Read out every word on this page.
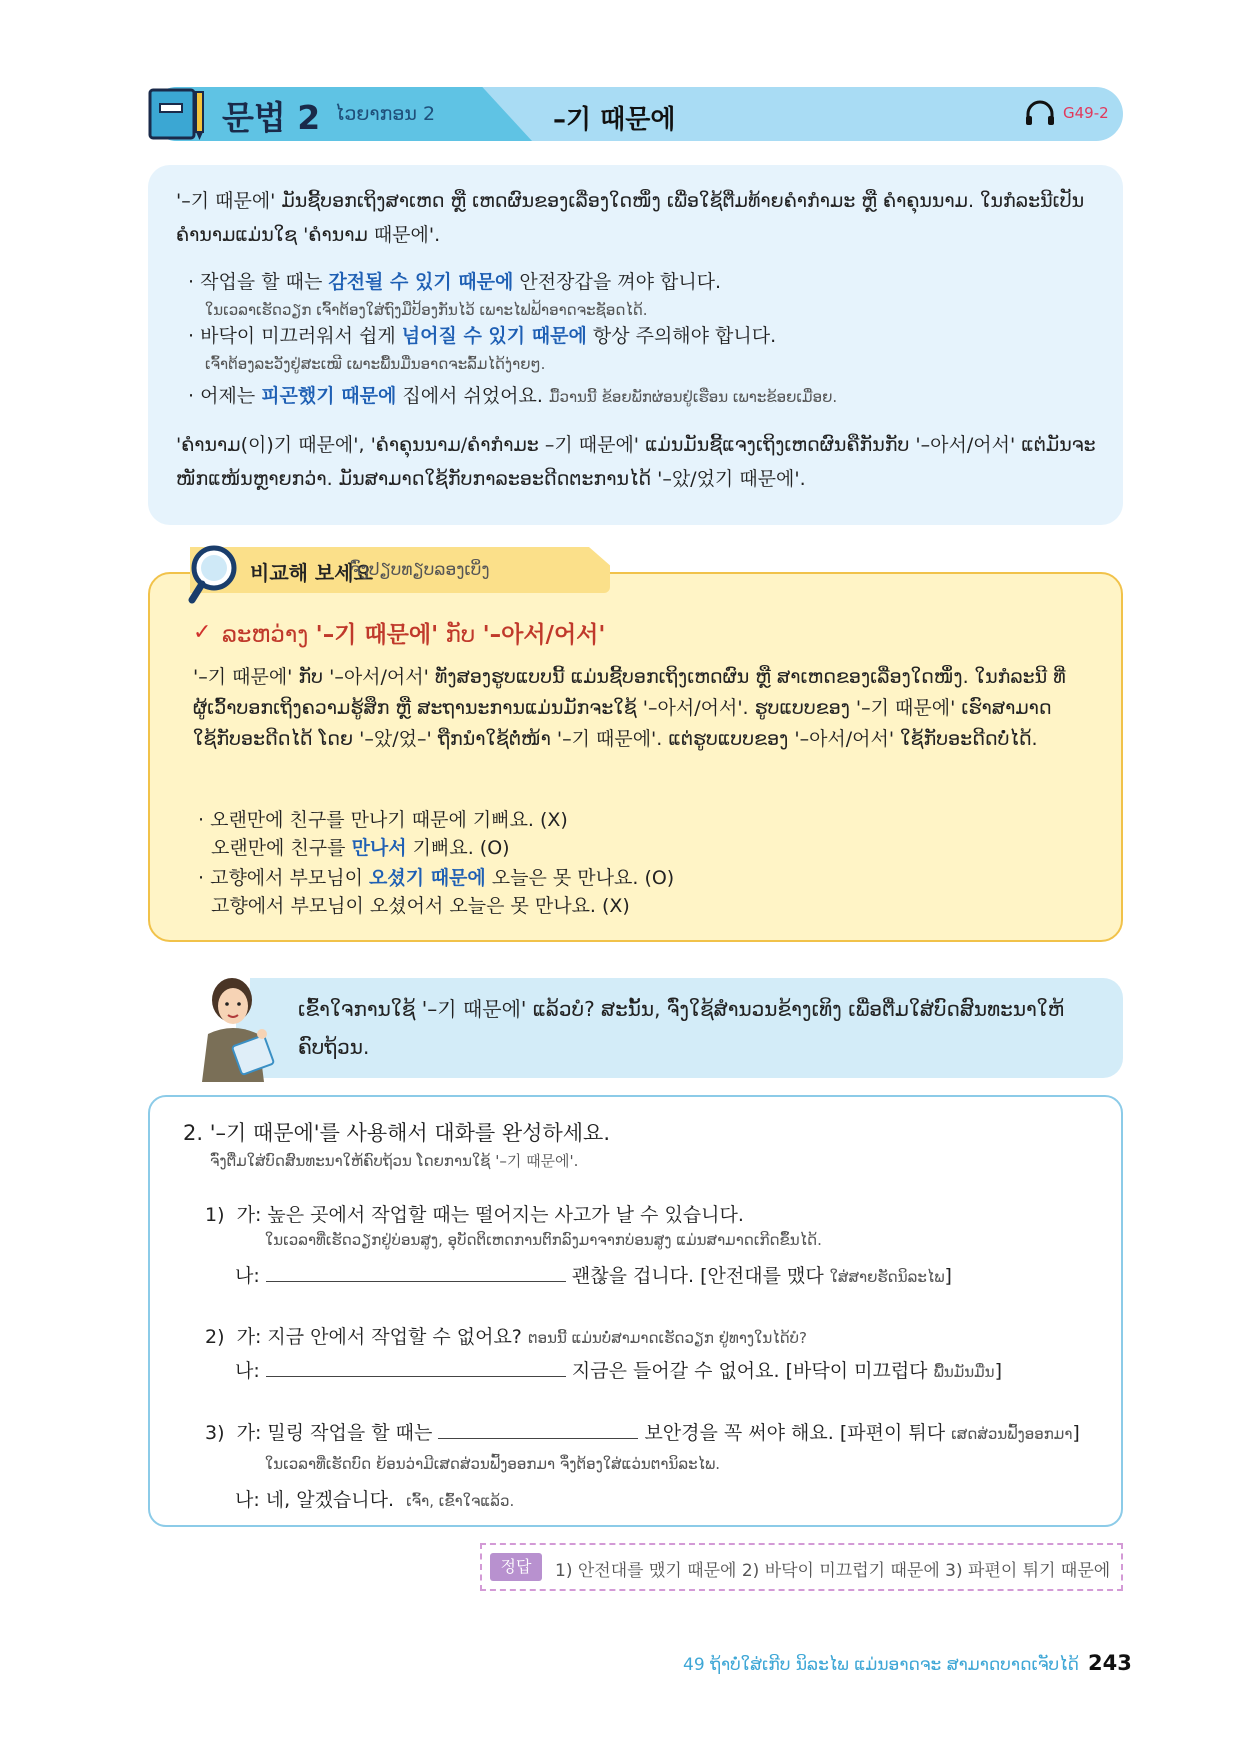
문법 2 ໄວຍາກອນ 2	–기 때문에	G49-2
'–기 때문에' ມັນຊີ້ບອກເຖິງສາເຫດ ຫຼື ເຫດຜົນຂອງເລື່ອງໃດໜຶ່ງ ເພື່ອໃຊ້ຕື່ມທ້າຍຄຳກຳມະ ຫຼື ຄຳຄຸນນາມ. ໃນກໍລະນີເປັນຄຳນາມແມ່ນໃຊ 'ຄຳນາມ 때문에'.
· 작업을 할 때는 감전될 수 있기 때문에 안전장갑을 껴야 합니다.
ໃນເວລາເຮັດວຽກ ເຈົ້າຕ້ອງໃສ່ຖົງມືປ້ອງກັນໄວ້ ເພາະໄຟຟ້າອາດຈະຊັອດໄດ້.
· 바닥이 미끄러워서 쉽게 넘어질 수 있기 때문에 항상 주의해야 합니다.
ເຈົ້າຕ້ອງລະວັງຢູ່ສະເໝີ ເພາະພື້ນມື່ນອາດຈະລົ້ມໄດ້ງ່າຍໆ.
· 어제는 피곤했기 때문에 집에서 쉬었어요. ມື້ວານນີ້ ຂ້ອຍພັກຜ່ອນຢູ່ເຮືອນ ເພາະຂ້ອຍເມື່ອຍ.
'ຄຳນາມ(이)기 때문에', 'ຄຳຄຸນນາມ/ຄຳກຳມະ –기 때문에' ແມ່ນມັນຊີ້ແຈງເຖິງເຫດຜົນຄືກັນກັບ '–아서/어서' ແຕ່ມັນຈະໜັກແໜ້ນຫຼາຍກວ່າ. ມັນສາມາດໃຊ້ກັບກາລະອະດີດຕະການໄດ້ '–았/었기 때문에'.
비교해 보세요
ຈົ່ງປຽບທຽບລອງເບິ່ງ
✓ ລະຫວ່າງ '–기 때문에' ກັບ '–아서/어서'
'–기 때문에' ກັບ '–아서/어서' ທັງສອງຮູບແບບນີ້ ແມ່ນຊີ້ບອກເຖິງເຫດຜົນ ຫຼື ສາເຫດຂອງເລື່ອງໃດໜຶ່ງ. ໃນກໍລະນີ ທີ່ຜູ້ເວົ້າບອກເຖິງຄວາມຮູ້ສຶກ ຫຼື ສະຖານະການແມ່ນມັກຈະໃຊ້ '–아서/어서'. ຮູບແບບຂອງ '–기 때문에' ເຮົາສາມາດໃຊ້ກັບອະດີດໄດ້ ໂດຍ '–았/었–' ຖືກນຳໃຊ້ຕໍ່ໜ້າ '–기 때문에'. ແຕ່ຮູບແບບຂອງ '–아서/어서' ໃຊ້ກັບອະດີດບໍ່ໄດ້.
· 오랜만에 친구를 만나기 때문에 기뻐요. (X)
오랜만에 친구를 만나서 기뻐요. (O)
· 고향에서 부모님이 오셨기 때문에 오늘은 못 만나요. (O)
고향에서 부모님이 오셨어서 오늘은 못 만나요. (X)
ເຂົ້າໃຈການໃຊ້ '–기 때문에' ແລ້ວບໍ? ສະນັ້ນ, ຈົ່ງໃຊ້ສຳນວນຂ້າງເທິງ ເພື່ອຕື່ມໃສ່ບົດສົນທະນາໃຫ້ຄົບຖ້ວນ.
2. '–기 때문에'를 사용해서 대화를 완성하세요.
ຈົ່ງຕື່ມໃສ່ບົດສົນທະນາໃຫ້ຄົບຖ້ວນ ໂດຍການໃຊ້ '–기 때문에'.
1) 가: 높은 곳에서 작업할 때는 떨어지는 사고가 날 수 있습니다.
ໃນເວລາທີ່ເຮັດວຽກຢູ່ບ່ອນສູງ, ອຸບັດຕິເຫດການຕົກລົງມາຈາກບ່ອນສູງ ແມ່ນສາມາດເກີດຂຶ້ນໄດ້.
나:	괜찮을 겁니다. [안전대를 맸다 ໃສ່ສາຍຮັດນິລະໄພ]
2) 가: 지금 안에서 작업할 수 없어요? ຕອນນີ້ ແມ່ນບໍ່ສາມາດເຮັດວຽກ ຢູ່ທາງໃນໄດ້ບໍ?
나:	지금은 들어갈 수 없어요. [바닥이 미끄럽다 ພື້ນມັນມື່ນ]
3) 가: 밀링 작업을 할 때는	보안경을 꼭 써야 해요. [파편이 튀다 ເສດສ່ວນຟົ້ງອອກມາ]
ໃນເວລາທີ່ເຮັດບົດ ຍ້ອນວ່າມີເສດສ່ວນຟົ້ງອອກມາ ຈຶ່ງຕ້ອງໃສ່ແວ່ນຕານິລະໄພ.
나: 네, 알겠습니다. ເຈົ້າ, ເຂົ້າໃຈແລ້ວ.
정답	1) 안전대를 맸기 때문에 2) 바닥이 미끄럽기 때문에 3) 파편이 튀기 때문에
49 ຖ້າບໍ່ໃສ່ເກີບ ນິລະໄພ ແມ່ນອາດຈະ ສາມາດບາດເຈັບໄດ້ 243
